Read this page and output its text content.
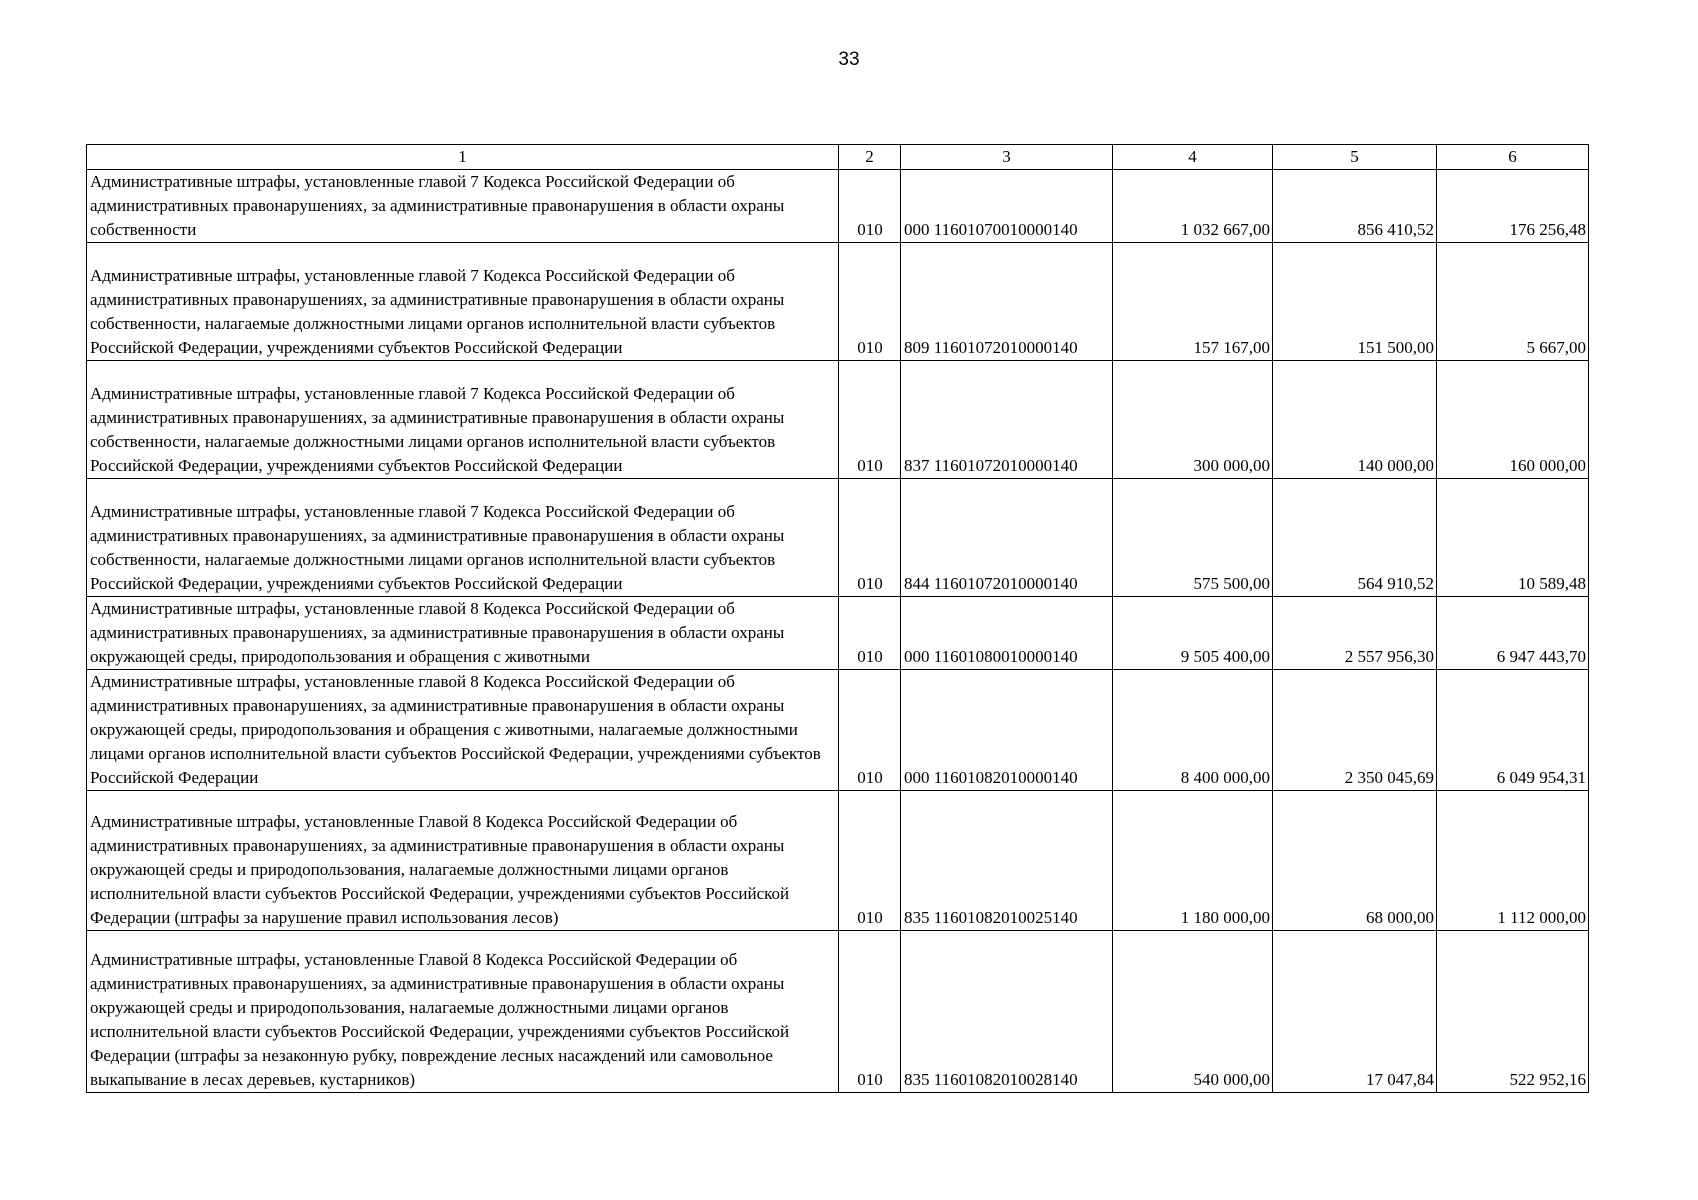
33
1	2	3	4	5	6

Административные штрафы, установленные главой 7 Кодекса Российской Федерации об административных правонарушениях, за административные правонарушения в области охраны собственности	010	000 11601070010000140	1 032 667,00	856 410,52	176 256,48

Административные штрафы, установленные главой 7 Кодекса Российской Федерации об административных правонарушениях, за административные правонарушения в области охраны собственности, налагаемые должностными лицами органов исполнительной власти субъектов Российской Федерации, учреждениями субъектов Российской Федерации	010	809 11601072010000140	157 167,00	151 500,00	5 667,00

Административные штрафы, установленные главой 7 Кодекса Российской Федерации об административных правонарушениях, за административные правонарушения в области охраны собственности, налагаемые должностными лицами органов исполнительной власти субъектов Российской Федерации, учреждениями субъектов Российской Федерации	010	837 11601072010000140	300 000,00	140 000,00	160 000,00

Административные штрафы, установленные главой 7 Кодекса Российской Федерации об административных правонарушениях, за административные правонарушения в области охраны собственности, налагаемые должностными лицами органов исполнительной власти субъектов Российской Федерации, учреждениями субъектов Российской Федерации	010	844 11601072010000140	575 500,00	564 910,52	10 589,48

Административные штрафы, установленные главой 8 Кодекса Российской Федерации об административных правонарушениях, за административные правонарушения в области охраны окружающей среды, природопользования и обращения с животными	010	000 11601080010000140	9 505 400,00	2 557 956,30	6 947 443,70

Административные штрафы, установленные главой 8 Кодекса Российской Федерации об административных правонарушениях, за административные правонарушения в области охраны окружающей среды, природопользования и обращения с животными, налагаемые должностными лицами органов исполнительной власти субъектов Российской Федерации, учреждениями субъектов Российской Федерации	010	000 11601082010000140	8 400 000,00	2 350 045,69	6 049 954,31

Административные штрафы, установленные Главой 8 Кодекса Российской Федерации об административных правонарушениях, за административные правонарушения в области охраны окружающей среды и природопользования, налагаемые должностными лицами органов исполнительной власти субъектов Российской Федерации, учреждениями субъектов Российской Федерации (штрафы за нарушение правил использования лесов)	010	835 11601082010025140	1 180 000,00	68 000,00	1 112 000,00

Административные штрафы, установленные Главой 8 Кодекса Российской Федерации об административных правонарушениях, за административные правонарушения в области охраны окружающей среды и природопользования, налагаемые должностными лицами органов исполнительной власти субъектов Российской Федерации, учреждениями субъектов Российской Федерации (штрафы за незаконную рубку, повреждение лесных насаждений или самовольное выкапывание в лесах деревьев, кустарников)	010	835 11601082010028140	540 000,00	17 047,84	522 952,16
